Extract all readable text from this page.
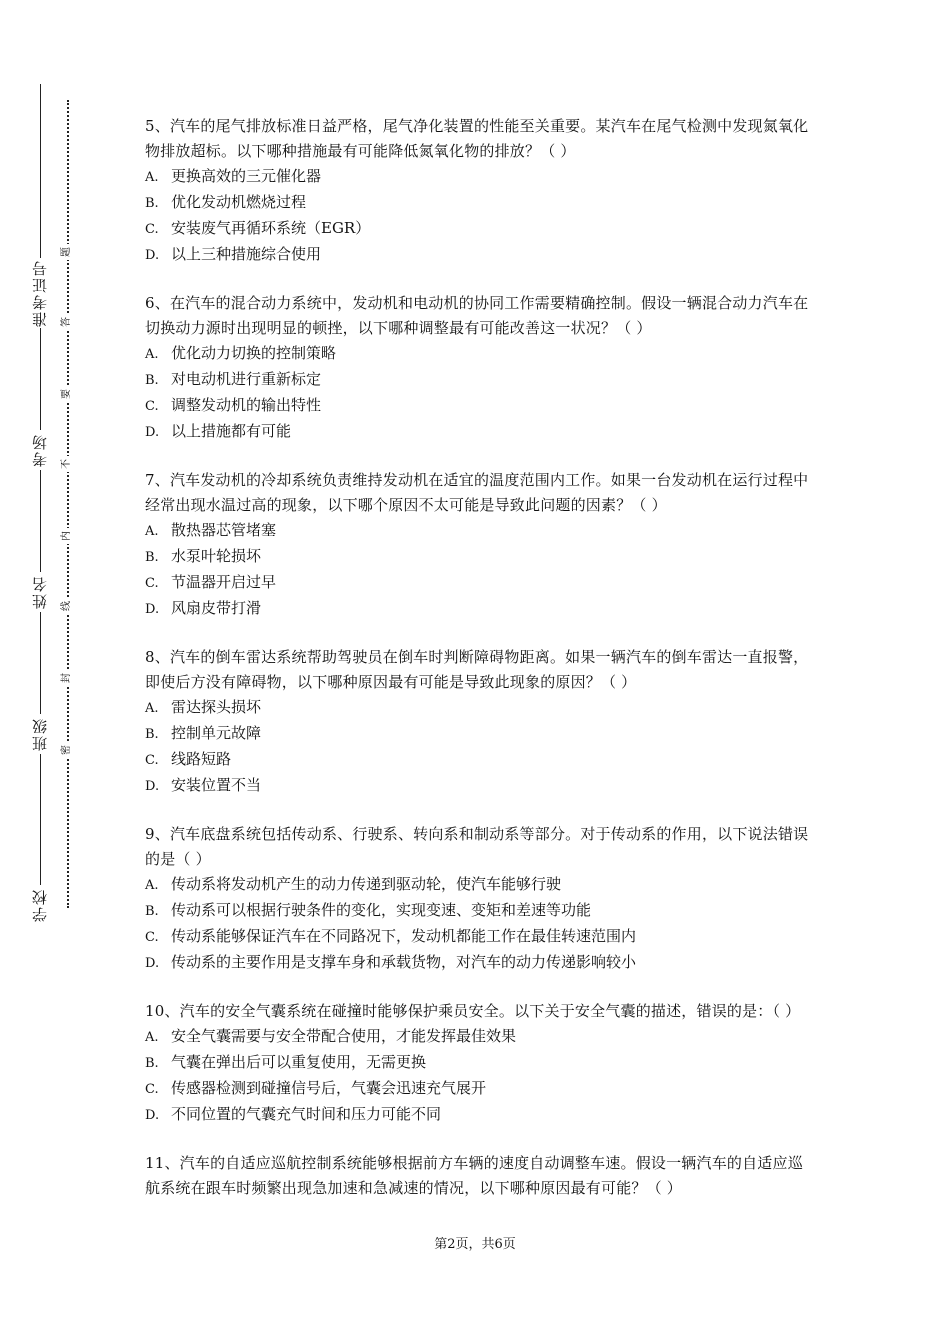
准考证号
考场
姓名
班级
学校
题
答
要
不
内
线
封
密

5、汽车的尾气排放标准日益严格，尾气净化装置的性能至关重要。某汽车在尾气检测中发现氮氧化物排放超标。以下哪种措施最有可能降低氮氧化物的排放？（ ）

A. 更换高效的三元催化器

B. 优化发动机燃烧过程

C. 安装废气再循环系统（EGR）

D. 以上三种措施综合使用

6、在汽车的混合动力系统中，发动机和电动机的协同工作需要精确控制。假设一辆混合动力汽车在切换动力源时出现明显的顿挫，以下哪种调整最有可能改善这一状况？（ ）

A. 优化动力切换的控制策略

B. 对电动机进行重新标定

C. 调整发动机的输出特性

D. 以上措施都有可能

7、汽车发动机的冷却系统负责维持发动机在适宜的温度范围内工作。如果一台发动机在运行过程中经常出现水温过高的现象，以下哪个原因不太可能是导致此问题的因素？（ ）

A. 散热器芯管堵塞

B. 水泵叶轮损坏

C. 节温器开启过早

D. 风扇皮带打滑

8、汽车的倒车雷达系统帮助驾驶员在倒车时判断障碍物距离。如果一辆汽车的倒车雷达一直报警，即使后方没有障碍物，以下哪种原因最有可能是导致此现象的原因？（ ）

A. 雷达探头损坏

B. 控制单元故障

C. 线路短路

D. 安装位置不当

9、汽车底盘系统包括传动系、行驶系、转向系和制动系等部分。对于传动系的作用，以下说法错误的是（ ）

A. 传动系将发动机产生的动力传递到驱动轮，使汽车能够行驶

B. 传动系可以根据行驶条件的变化，实现变速、变矩和差速等功能

C. 传动系能够保证汽车在不同路况下，发动机都能工作在最佳转速范围内

D. 传动系的主要作用是支撑车身和承载货物，对汽车的动力传递影响较小

10、汽车的安全气囊系统在碰撞时能够保护乘员安全。以下关于安全气囊的描述，错误的是：（ ）

A. 安全气囊需要与安全带配合使用，才能发挥最佳效果

B. 气囊在弹出后可以重复使用，无需更换

C. 传感器检测到碰撞信号后，气囊会迅速充气展开

D. 不同位置的气囊充气时间和压力可能不同

11、汽车的自适应巡航控制系统能够根据前方车辆的速度自动调整车速。假设一辆汽车的自适应巡航系统在跟车时频繁出现急加速和急减速的情况，以下哪种原因最有可能？（ ）

第2页，共6页
